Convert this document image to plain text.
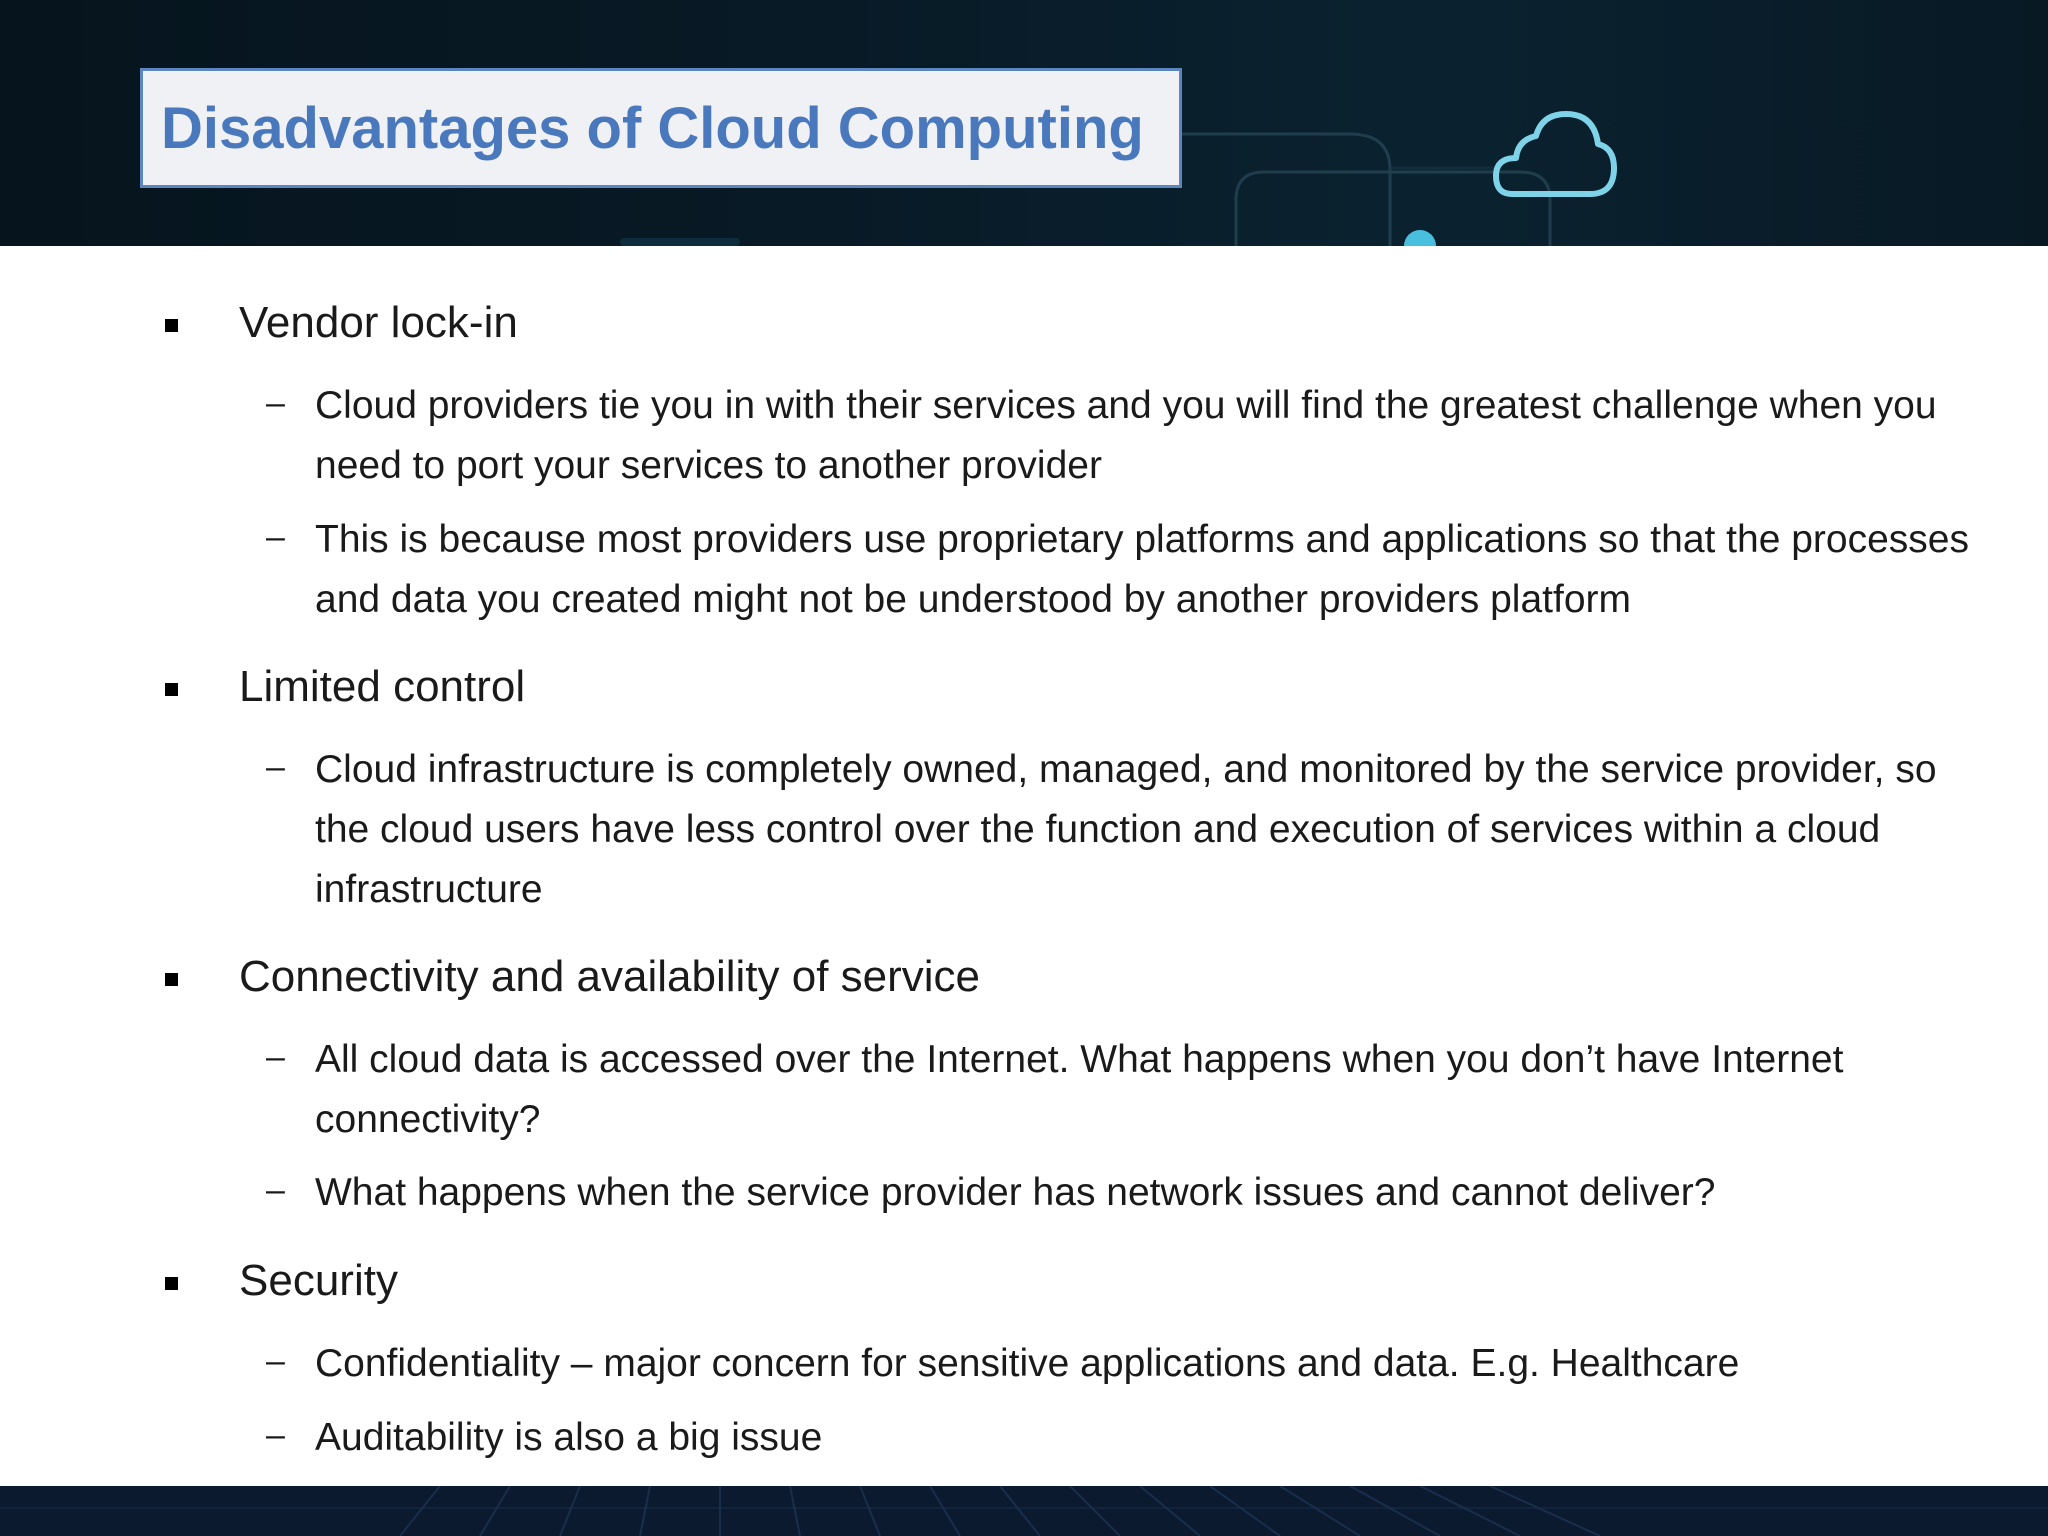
Disadvantages of Cloud Computing
Vendor lock-in
– Cloud providers tie you in with their services and you will find the greatest challenge when you need to port your services to another provider
– This is because most providers use proprietary platforms and applications so that the processes and data you created might not be understood by another providers platform
Limited control
– Cloud infrastructure is completely owned, managed, and monitored by the service provider, so the cloud users have less control over the function and execution of services within a cloud infrastructure
Connectivity and availability of service
– All cloud data is accessed over the Internet. What happens when you don’t have Internet connectivity?
– What happens when the service provider has network issues and cannot deliver?
Security
– Confidentiality – major concern for sensitive applications and data. E.g. Healthcare
– Auditability is also a big issue
